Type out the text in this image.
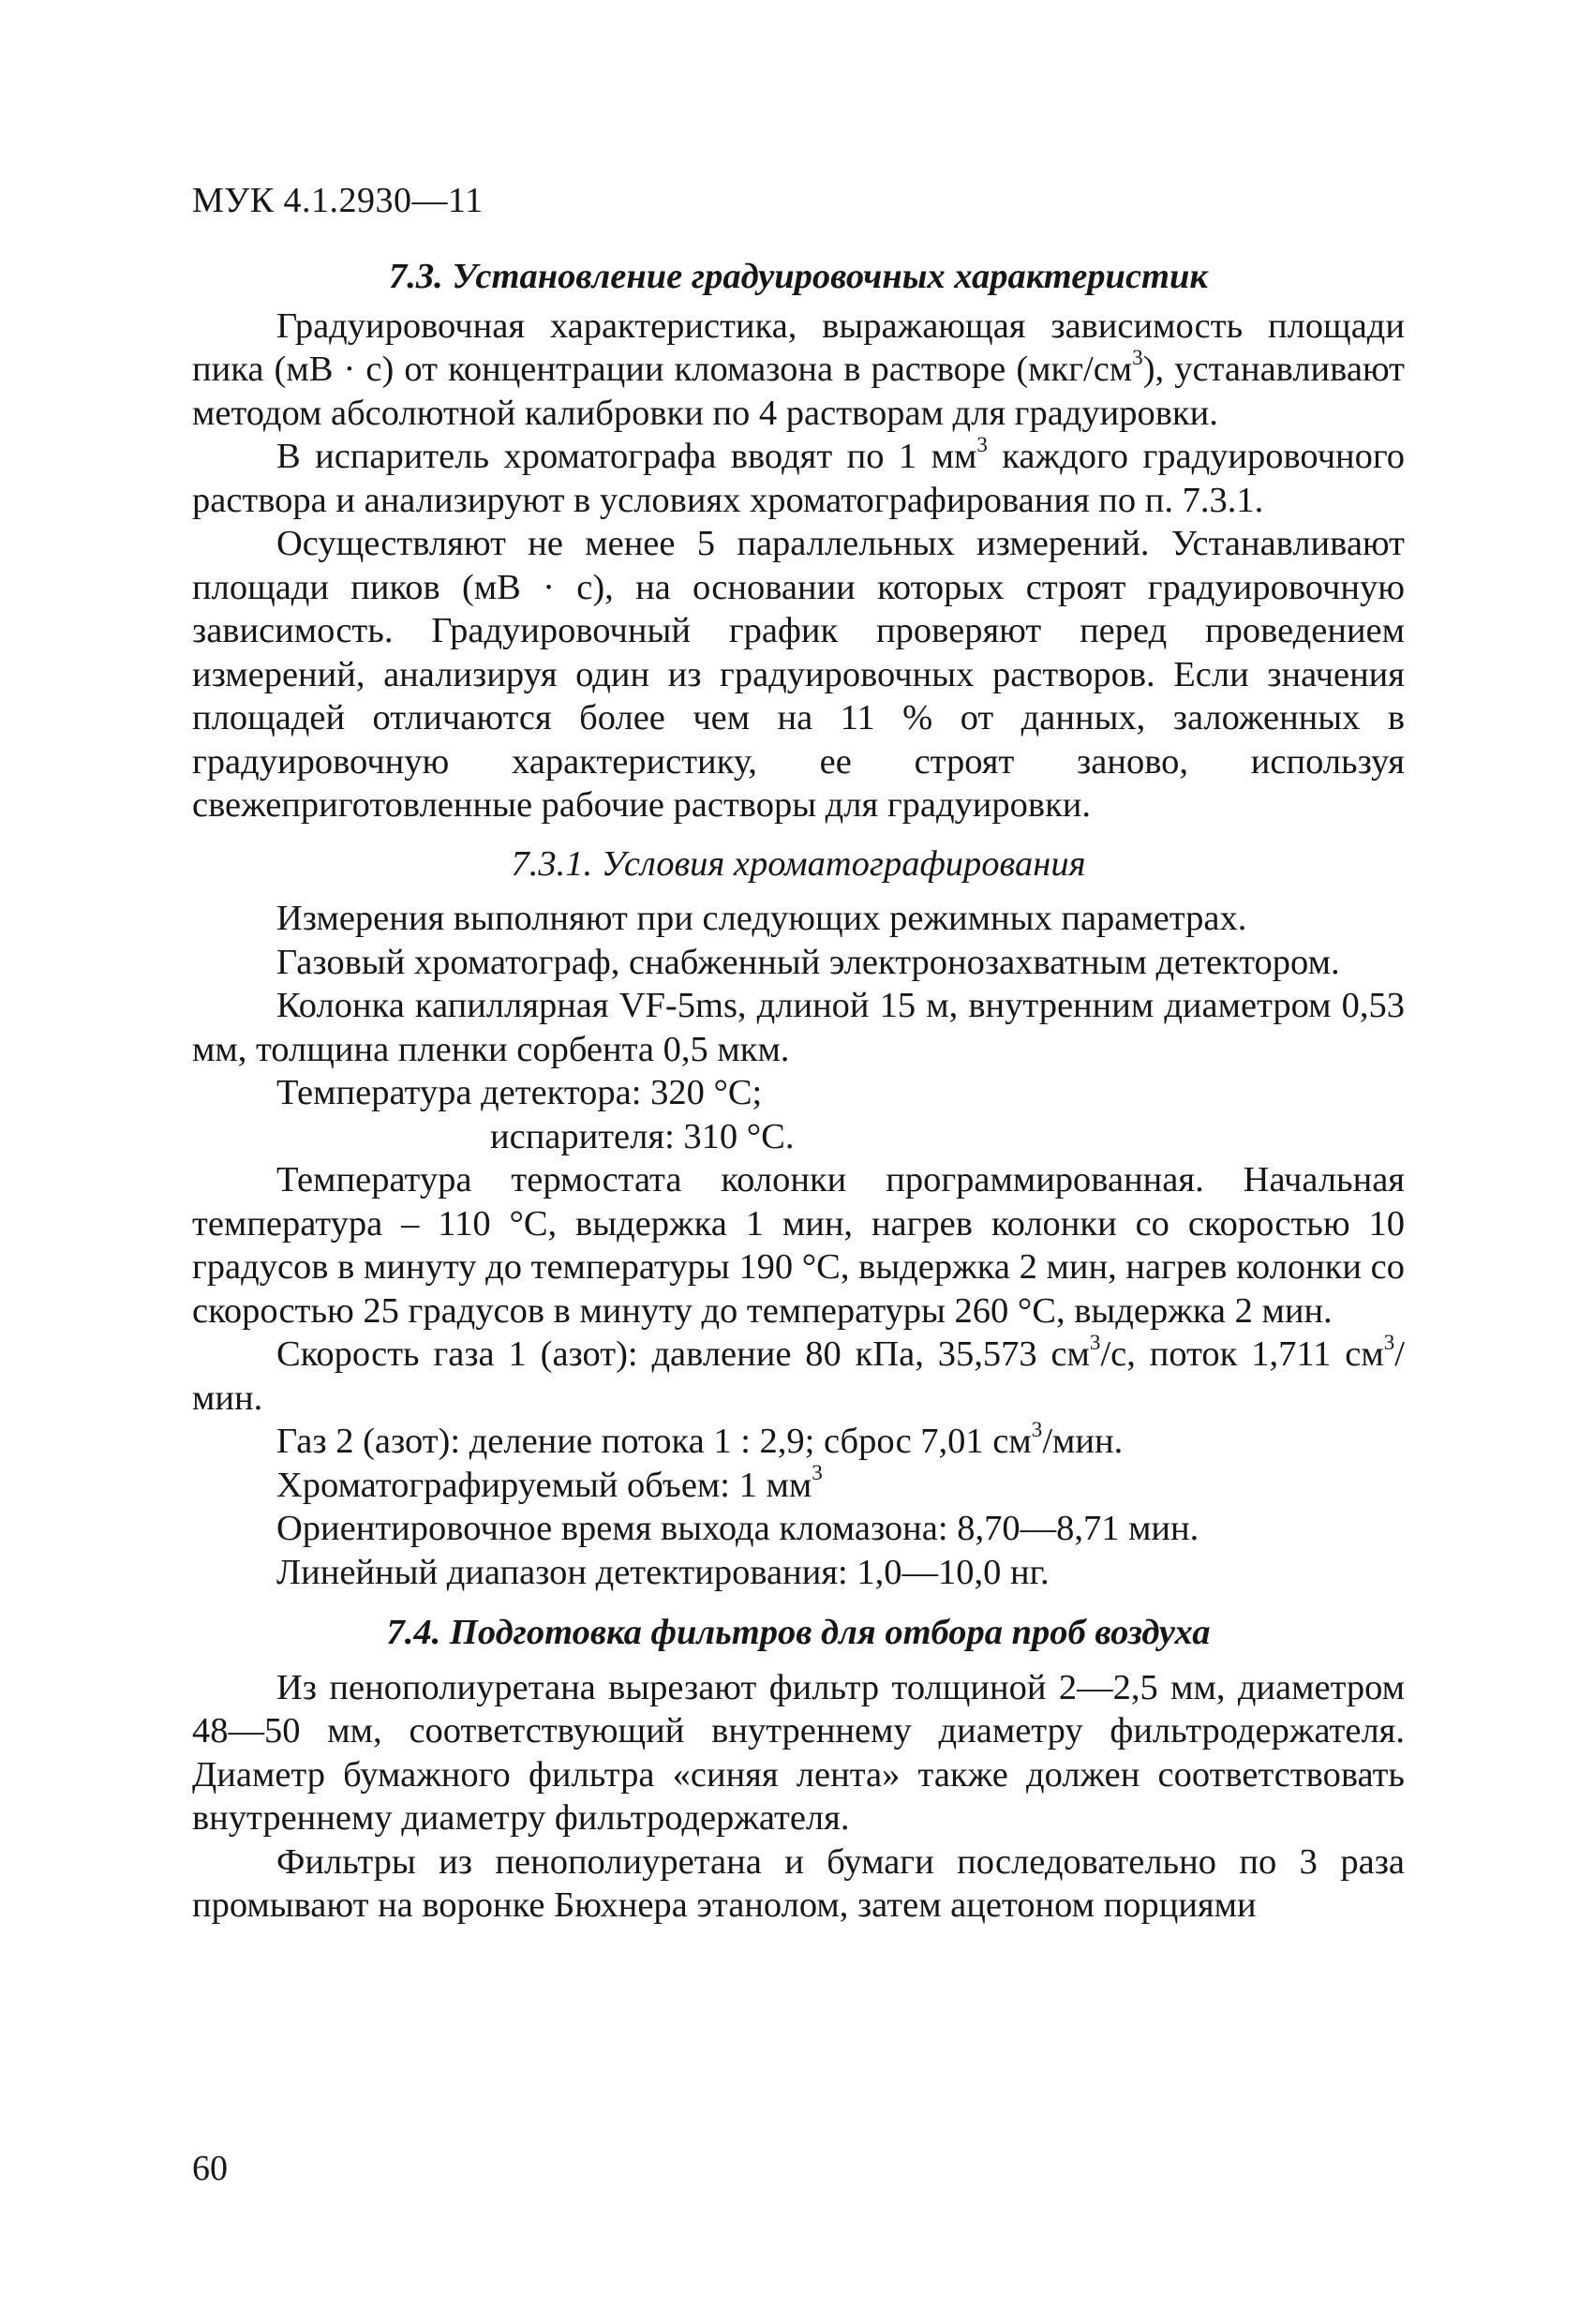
МУК 4.1.2930—11

7.3. Установление градуировочных характеристик

Градуировочная характеристика, выражающая зависимость площади пика (мВ · с) от концентрации кломазона в растворе $(мкг/см^3)$, устанавливают методом абсолютной калибровки по 4 растворам для градуировки.

В испаритель хроматографа вводят по 1 $мм^3$ каждого градуировочного раствора и анализируют в условиях хроматографирования по п. 7.3.1.

Осуществляют не менее 5 параллельных измерений. Устанавливают площади пиков (мВ · с), на основании которых строят градуировочную зависимость. Градуировочный график проверяют перед проведением измерений, анализируя один из градуировочных растворов. Если значения площадей отличаются более чем на 11 % от данных, заложенных в градуировочную характеристику, ее строят заново, используя свежеприготовленные рабочие растворы для градуировки.

7.3.1. Условия хроматографирования

Измерения выполняют при следующих режимных параметрах.

Газовый хроматограф, снабженный электронозахватным детектором.

Колонка капиллярная VF-5ms, длиной 15 м, внутренним диаметром 0,53 мм, толщина пленки сорбента 0,5 мкм.

Температура детектора: 320 °С;

испарителя: 310 °С.

Температура термостата колонки программированная. Начальная температура – 110 °С, выдержка 1 мин, нагрев колонки со скоростью 10 градусов в минуту до температуры 190 °С, выдержка 2 мин, нагрев колонки со скоростью 25 градусов в минуту до температуры 260 °С, выдержка 2 мин.

Скорость газа 1 (азот): давление 80 кПа, 35,573 $см^3/с$, поток 1,711 $см^3$/мин.

Газ 2 (азот): деление потока 1 : 2,9; сброс 7,01 $см^3$/мин.

Хроматографируемый объем: 1 $мм^3$

Ориентировочное время выхода кломазона: 8,70—8,71 мин.

Линейный диапазон детектирования: 1,0—10,0 нг.

7.4. Подготовка фильтров для отбора проб воздуха

Из пенополиуретана вырезают фильтр толщиной 2—2,5 мм, диаметром 48—50 мм, соответствующий внутреннему диаметру фильтродержателя. Диаметр бумажного фильтра «синяя лента» также должен соответствовать внутреннему диаметру фильтродержателя.

Фильтры из пенополиуретана и бумаги последовательно по 3 раза промывают на воронке Бюхнера этанолом, затем ацетоном порциями

60
